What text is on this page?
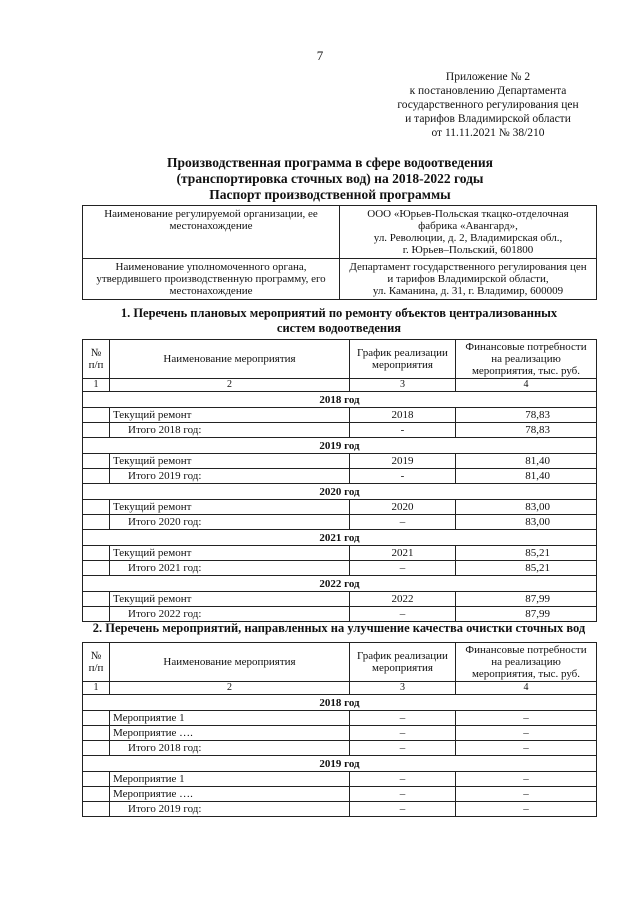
7
Приложение № 2
к постановлению Департамента
государственного регулирования цен
и тарифов Владимирской области
от 11.11.2021 № 38/210
Производственная программа в сфере водоотведения
(транспортировка сточных вод) на 2018-2022 годы
Паспорт производственной программы
Наименование регулируемой организации, ее местонахождение	ООО «Юрьев-Польская ткацко-отделочная
фабрика «Авангард»,
ул. Революции, д. 2, Владимирская обл.,
г. Юрьев–Польский, 601800

Наименование уполномоченного органа, утвердившего производственную программу, его местонахождение	Департамент государственного регулирования цен
и тарифов Владимирской области,
ул. Каманина, д. 31, г. Владимир, 600009
1. Перечень плановых мероприятий по ремонту объектов централизованных
систем водоотведения
№ п/п	Наименование мероприятия	График реализации мероприятия	Финансовые потребности на реализацию мероприятия, тыс. руб.
1	2	3	4
2018 год			
	Текущий ремонт	2018	78,83
	Итого 2018 год:	-	78,83
2019 год			
	Текущий ремонт	2019	81,40
	Итого 2019 год:	-	81,40
2020 год			
	Текущий ремонт	2020	83,00
	Итого 2020 год:	–	83,00
2021 год			
	Текущий ремонт	2021	85,21
	Итого 2021 год:	–	85,21
2022 год			
	Текущий ремонт	2022	87,99
	Итого 2022 год:	–	87,99
2. Перечень мероприятий, направленных на улучшение качества очистки сточных вод
№ п/п	Наименование мероприятия	График реализации мероприятия	Финансовые потребности на реализацию мероприятия, тыс. руб.
1	2	3	4
2018 год			
	Мероприятие 1	–	–
	Мероприятие ….	–	–
	Итого 2018 год:	–	–
2019 год			
	Мероприятие 1	–	–
	Мероприятие ….	–	–
	Итого 2019 год:	–	–
